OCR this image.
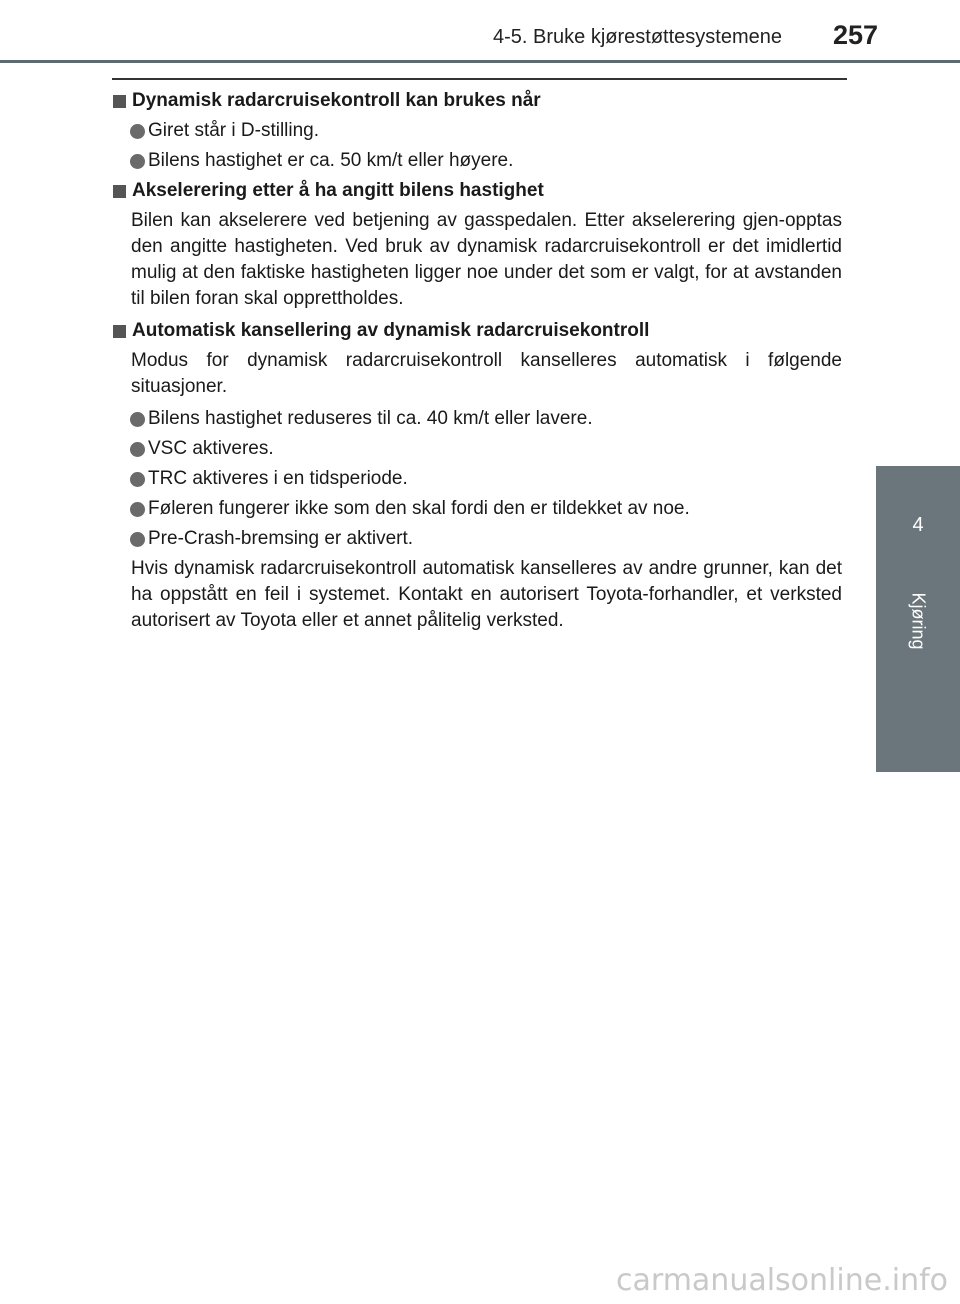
4-5. Bruke kjørestøttesystemene 257
4
Kjøring
Dynamisk radarcruisekontroll kan brukes når
Giret står i D-stilling.
Bilens hastighet er ca. 50 km/t eller høyere.
Akselerering etter å ha angitt bilens hastighet
Bilen kan akselerere ved betjening av gasspedalen. Etter akselerering gjen-opptas den angitte hastigheten. Ved bruk av dynamisk radarcruisekontroll er det imidlertid mulig at den faktiske hastigheten ligger noe under det som er valgt, for at avstanden til bilen foran skal opprettholdes.
Automatisk kansellering av dynamisk radarcruisekontroll
Modus for dynamisk radarcruisekontroll kanselleres automatisk i følgende situasjoner.
Bilens hastighet reduseres til ca. 40 km/t eller lavere.
VSC aktiveres.
TRC aktiveres i en tidsperiode.
Føleren fungerer ikke som den skal fordi den er tildekket av noe.
Pre-Crash-bremsing er aktivert.
Hvis dynamisk radarcruisekontroll automatisk kanselleres av andre grunner, kan det ha oppstått en feil i systemet. Kontakt en autorisert Toyota-forhandler, et verksted autorisert av Toyota eller et annet pålitelig verksted.
carmanualsonline.info
